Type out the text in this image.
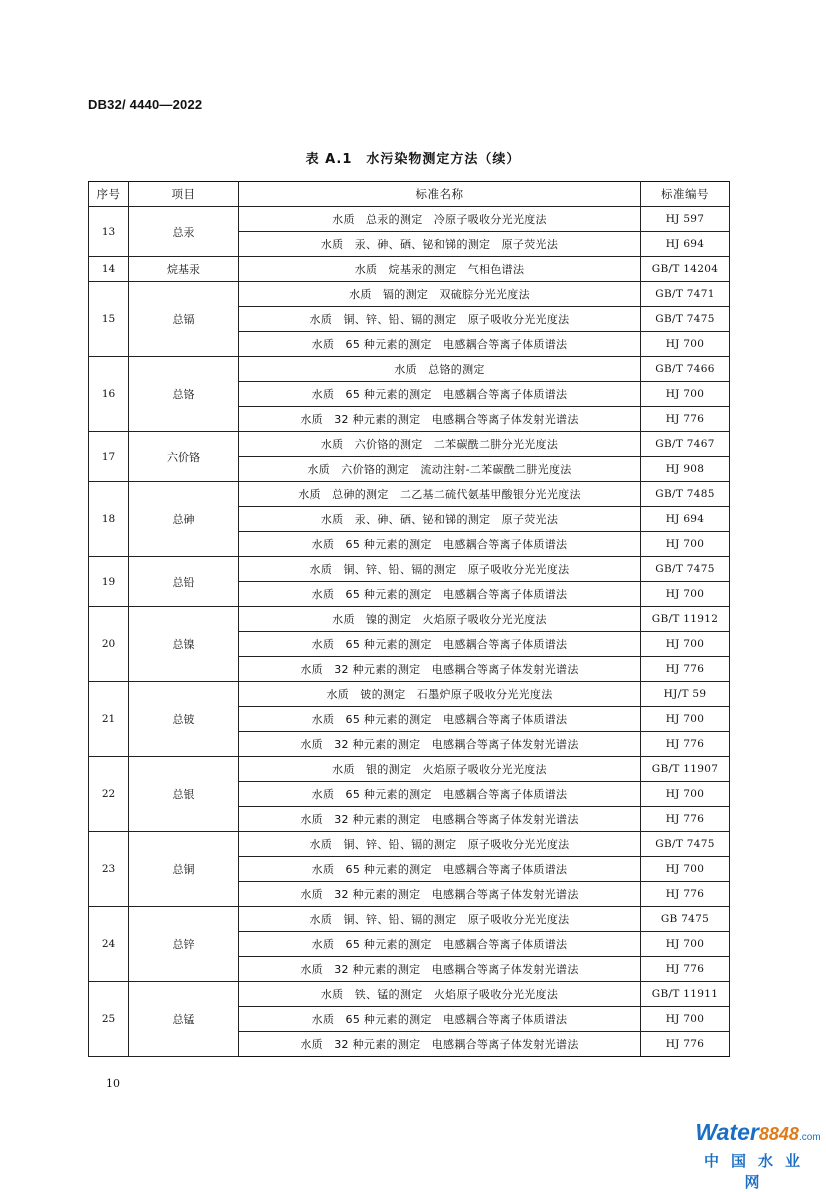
DB32/ 4440—2022
表 A.1　水污染物测定方法（续）
序号	项目	标准名称	标准编号
13	总汞	水质　总汞的测定　冷原子吸收分光光度法	HJ 597
		水质　汞、砷、硒、铋和锑的测定　原子荧光法	HJ 694
14	烷基汞	水质　烷基汞的测定　气相色谱法	GB/T 14204
15	总镉	水质　镉的测定　双硫腙分光光度法	GB/T 7471
		水质　铜、锌、铅、镉的测定　原子吸收分光光度法	GB/T 7475
		水质　65 种元素的测定　电感耦合等离子体质谱法	HJ 700
16	总铬	水质　总铬的测定	GB/T 7466
		水质　65 种元素的测定　电感耦合等离子体质谱法	HJ 700
		水质　32 种元素的测定　电感耦合等离子体发射光谱法	HJ 776
17	六价铬	水质　六价铬的测定　二苯碳酰二肼分光光度法	GB/T 7467
		水质　六价铬的测定　流动注射-二苯碳酰二肼光度法	HJ 908
18	总砷	水质　总砷的测定　二乙基二硫代氨基甲酸银分光光度法	GB/T 7485
		水质　汞、砷、硒、铋和锑的测定　原子荧光法	HJ 694
		水质　65 种元素的测定　电感耦合等离子体质谱法	HJ 700
19	总铅	水质　铜、锌、铅、镉的测定　原子吸收分光光度法	GB/T 7475
		水质　65 种元素的测定　电感耦合等离子体质谱法	HJ 700
20	总镍	水质　镍的测定　火焰原子吸收分光光度法	GB/T 11912
		水质　65 种元素的测定　电感耦合等离子体质谱法	HJ 700
		水质　32 种元素的测定　电感耦合等离子体发射光谱法	HJ 776
21	总铍	水质　铍的测定　石墨炉原子吸收分光光度法	HJ/T 59
		水质　65 种元素的测定　电感耦合等离子体质谱法	HJ 700
		水质　32 种元素的测定　电感耦合等离子体发射光谱法	HJ 776
22	总银	水质　银的测定　火焰原子吸收分光光度法	GB/T 11907
		水质　65 种元素的测定　电感耦合等离子体质谱法	HJ 700
		水质　32 种元素的测定　电感耦合等离子体发射光谱法	HJ 776
23	总铜	水质　铜、锌、铅、镉的测定　原子吸收分光光度法	GB/T 7475
		水质　65 种元素的测定　电感耦合等离子体质谱法	HJ 700
		水质　32 种元素的测定　电感耦合等离子体发射光谱法	HJ 776
24	总锌	水质　铜、锌、铅、镉的测定　原子吸收分光光度法	GB 7475
		水质　65 种元素的测定　电感耦合等离子体质谱法	HJ 700
		水质　32 种元素的测定　电感耦合等离子体发射光谱法	HJ 776
25	总锰	水质　铁、锰的测定　火焰原子吸收分光光度法	GB/T 11911
		水质　65 种元素的测定　电感耦合等离子体质谱法	HJ 700
		水质　32 种元素的测定　电感耦合等离子体发射光谱法	HJ 776
10
Water8848.com
中国水业网
